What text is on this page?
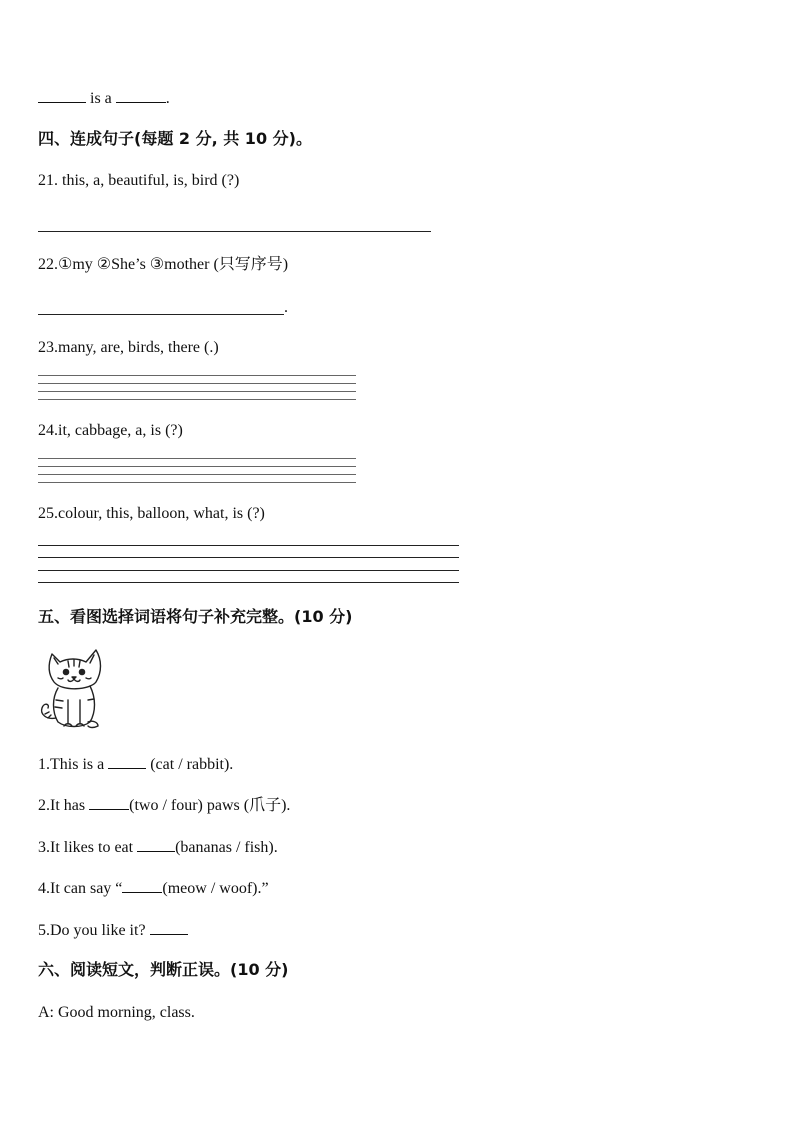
is a	.
四、连成句子(每题 2 分, 共 10 分)。
21. this, a, beautiful, is, bird (?)
22.①my ②She’s ③mother (只写序号)
.
23.many, are, birds, there (.)
24.it, cabbage, a, is (?)
25.colour, this, balloon, what, is (?)
五、看图选择词语将句子补充完整。(10 分)
1.This is a	(cat / rabbit).
2.It has	(two / four) paws (爪子).
3.It likes to eat	(bananas / fish).
4.It can say “	(meow / woof).”
5.Do you like it?
六、阅读短文，判断正误。(10 分)
A: Good morning, class.
